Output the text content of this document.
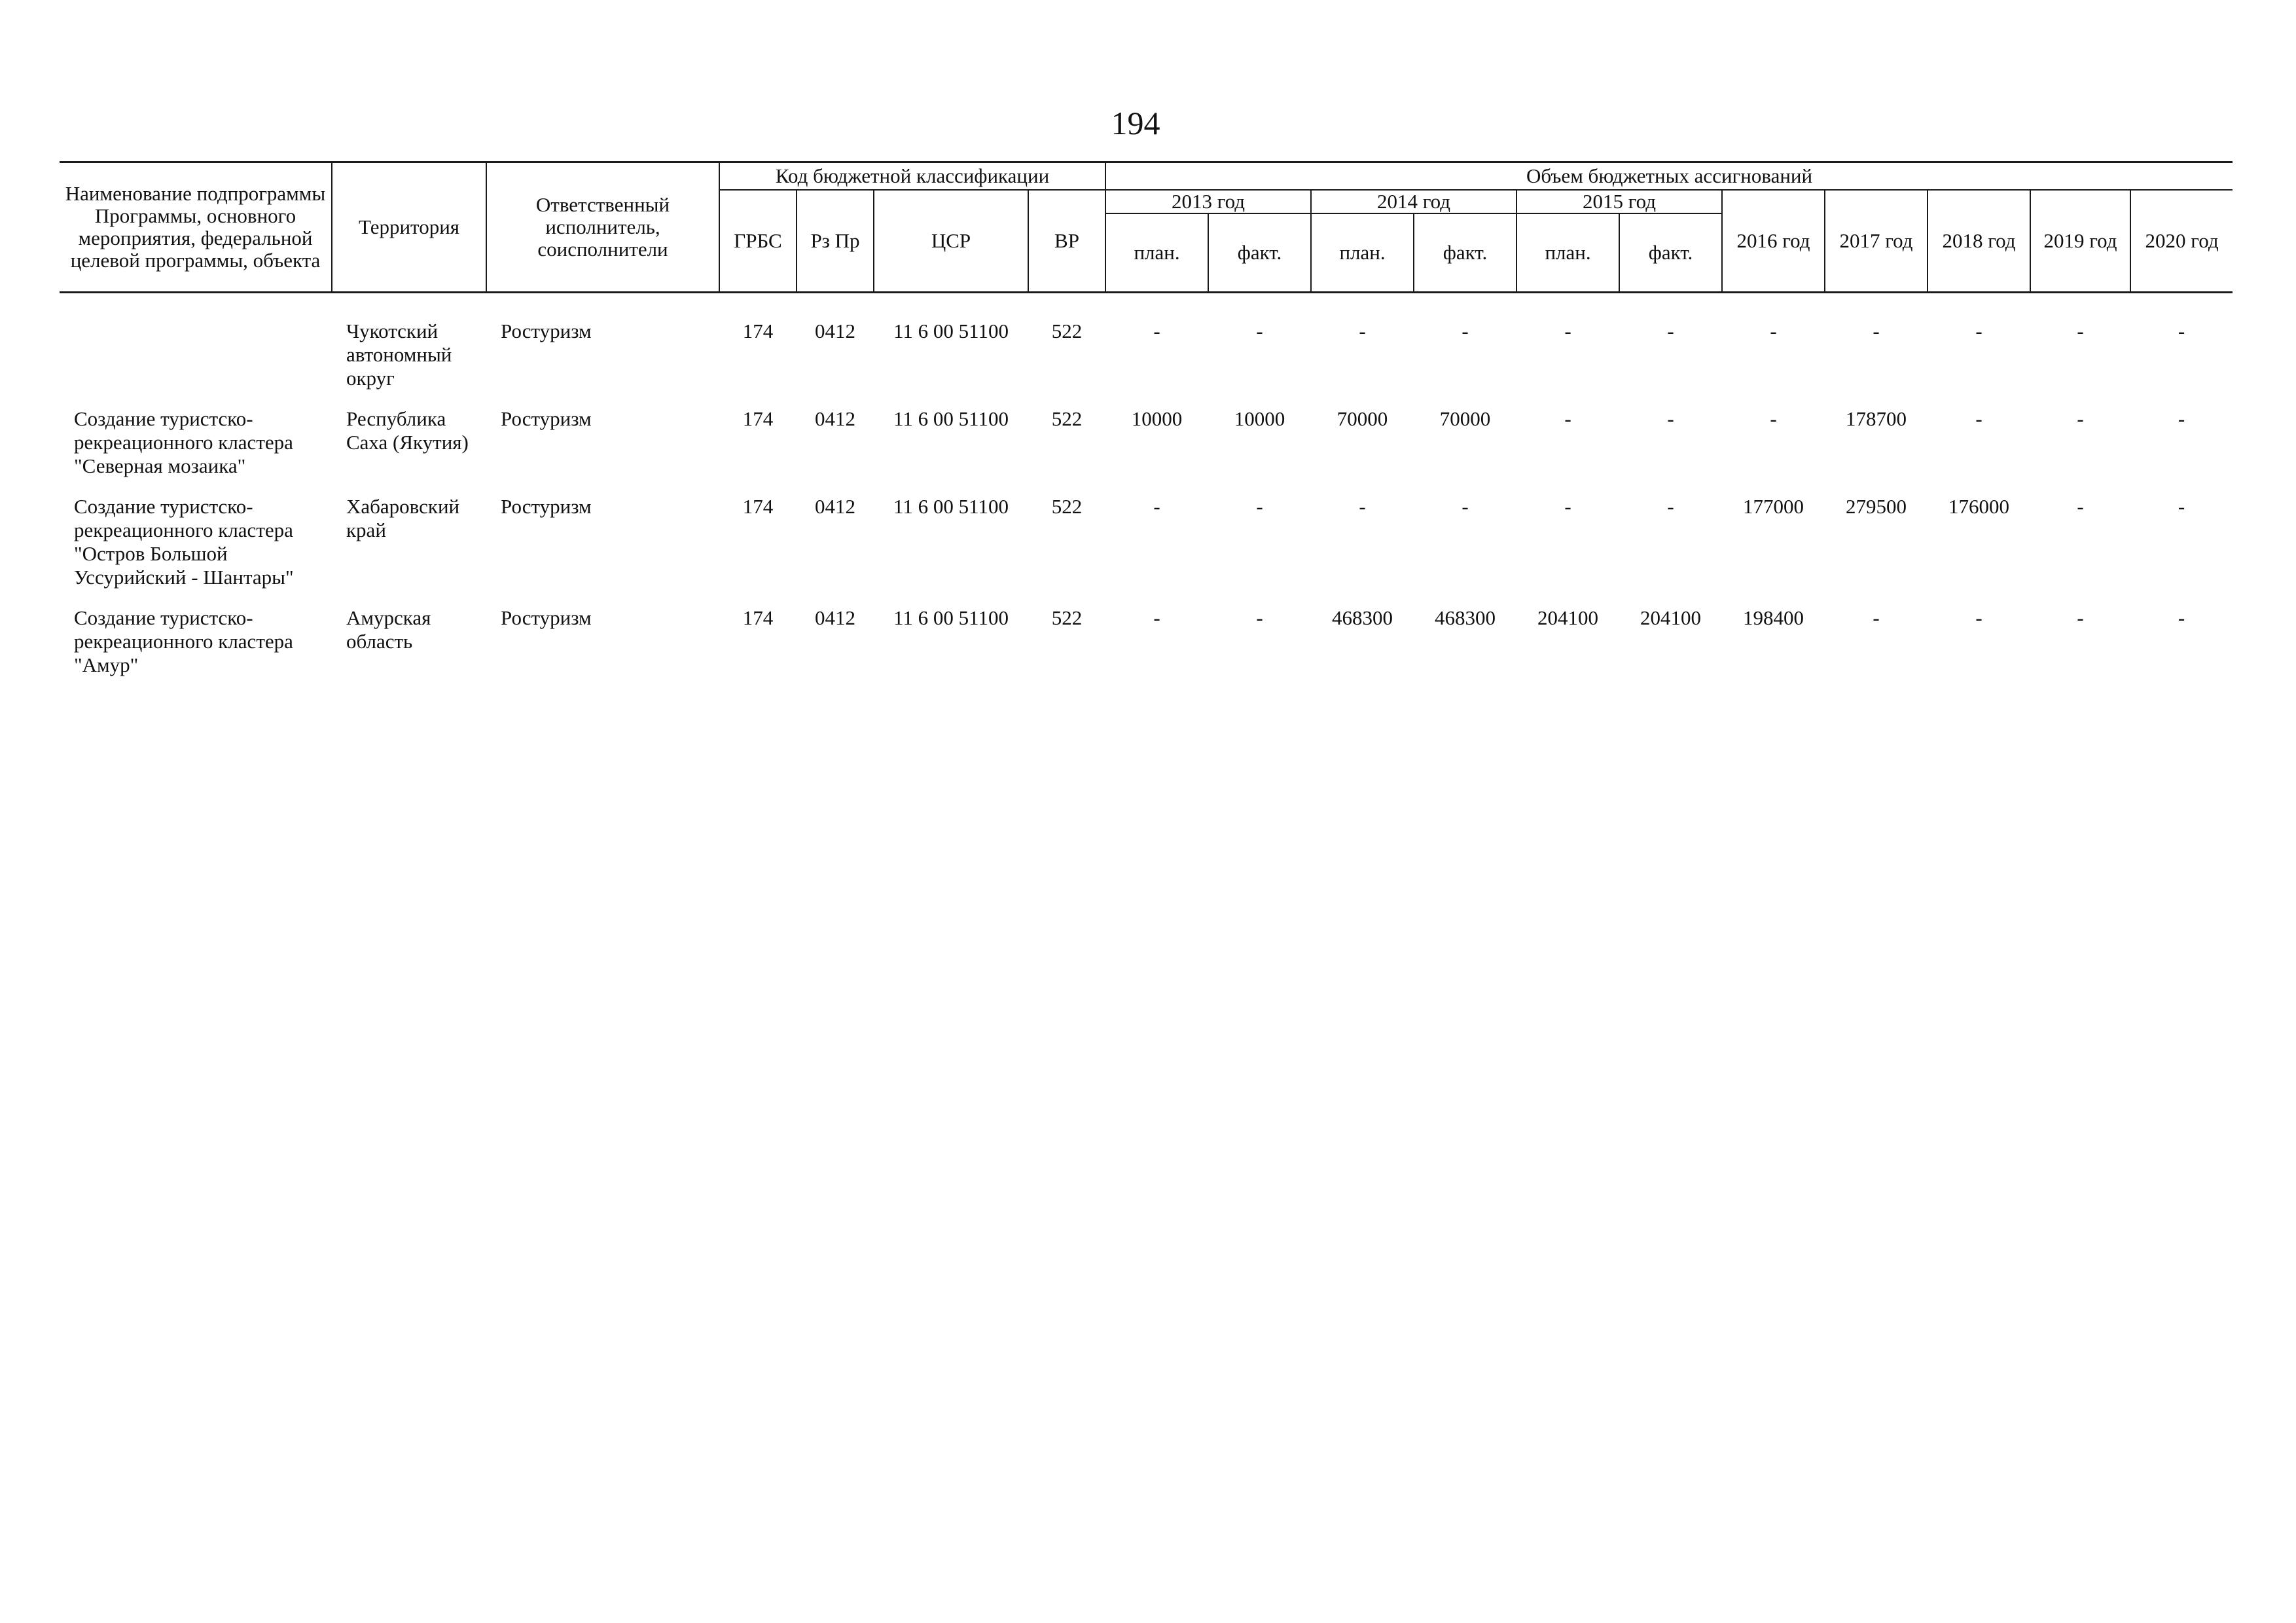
194
Наименование подпрограммы Программы, основного мероприятия, федеральной целевой программы, объекта	Территория	Ответственный исполнитель, соисполнители	Код бюджетной классификации				Объем бюджетных ассигнований										
			ГРБС	Рз Пр	ЦСР	ВР	2013 год		2014 год		2015 год		2016 год	2017 год	2018 год	2019 год	2020 год
							план.	факт.	план.	факт.	план.	факт.					

	Чукотский автономный округ	Ростуризм	174	0412	11 6 00 51100	522	-	-	-	-	-	-	-	-	-	-	-
Создание туристско-рекреационного кластера "Северная мозаика"	Республика Саха (Якутия)	Ростуризм	174	0412	11 6 00 51100	522	10000	10000	70000	70000	-	-	-	178700	-	-	-
Создание туристско-рекреационного кластера "Остров Большой Уссурийский - Шантары"	Хабаровский край	Ростуризм	174	0412	11 6 00 51100	522	-	-	-	-	-	-	177000	279500	176000	-	-
Создание туристско-рекреационного кластера "Амур"	Амурская область	Ростуризм	174	0412	11 6 00 51100	522	-	-	468300	468300	204100	204100	198400	-	-	-	-
